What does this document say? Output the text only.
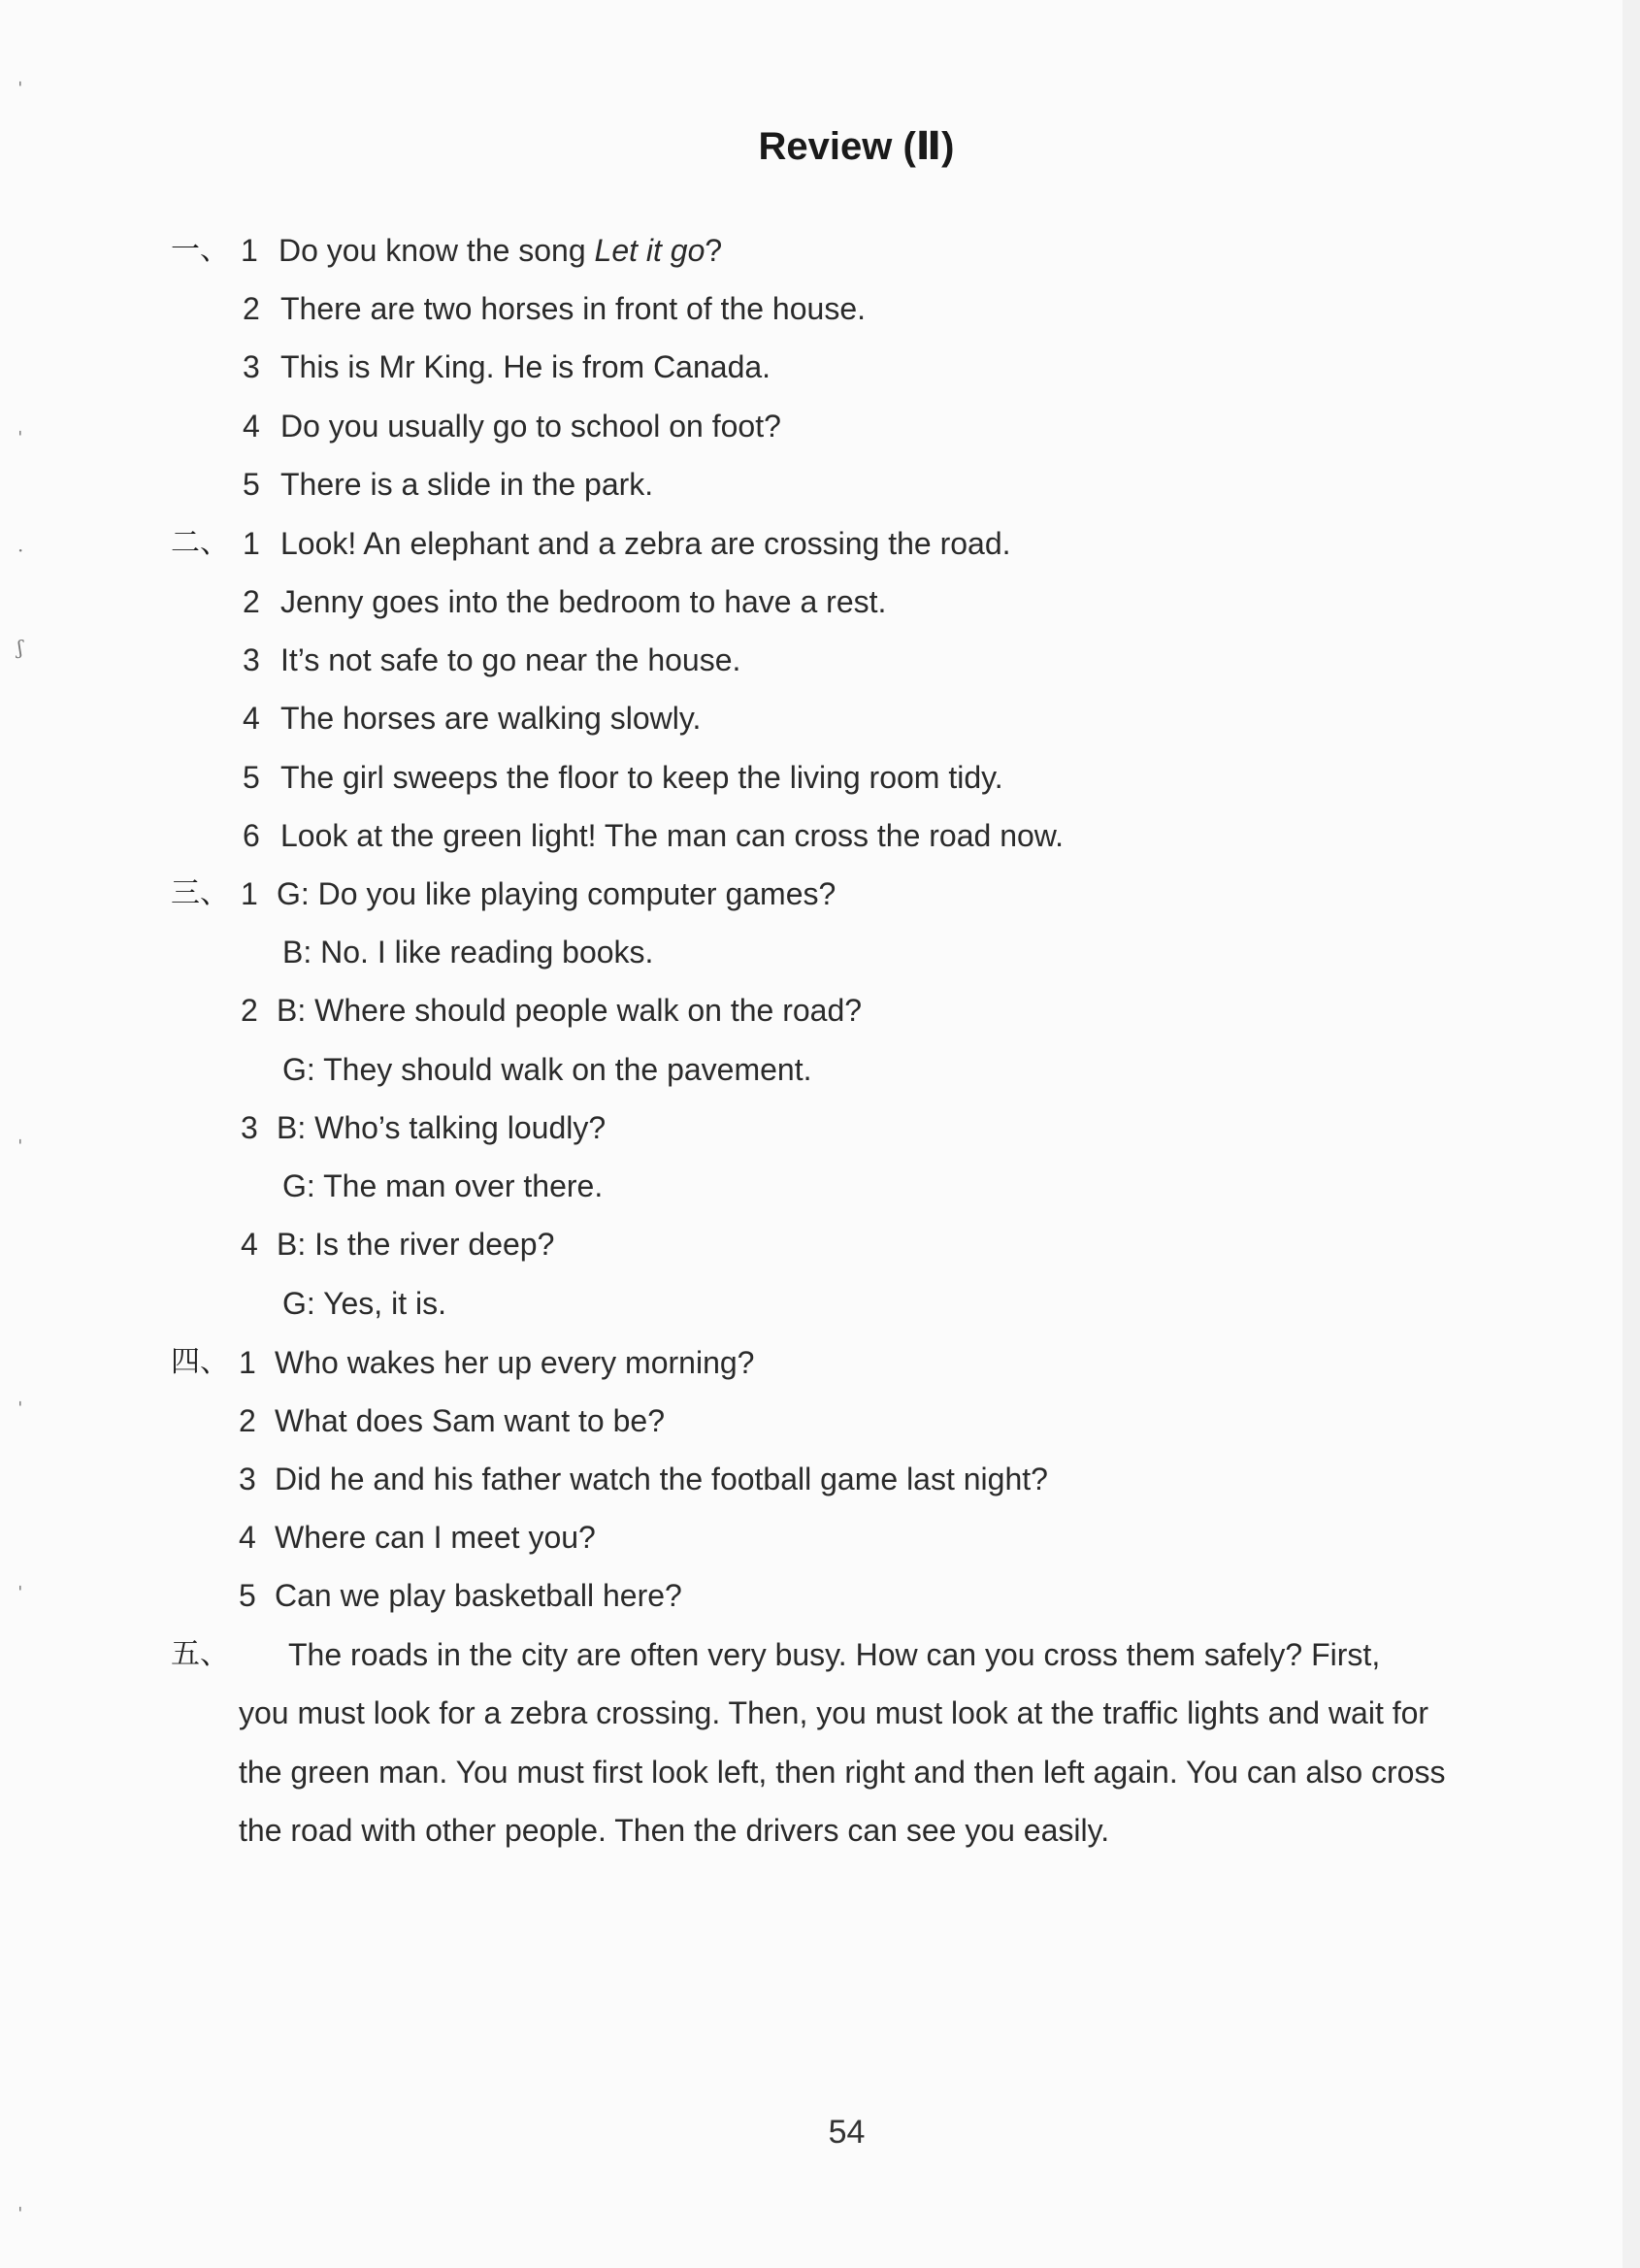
Review (Ⅱ)
一、 1 Do you know the song Let it go?
2 There are two horses in front of the house.
3 This is Mr King. He is from Canada.
4 Do you usually go to school on foot?
5 There is a slide in the park.
二、 1 Look! An elephant and a zebra are crossing the road.
2 Jenny goes into the bedroom to have a rest.
3 It’s not safe to go near the house.
4 The horses are walking slowly.
5 The girl sweeps the floor to keep the living room tidy.
6 Look at the green light! The man can cross the road now.
三、 1 G: Do you like playing computer games?
B: No. I like reading books.
2 B: Where should people walk on the road?
G: They should walk on the pavement.
3 B: Who’s talking loudly?
G: The man over there.
4 B: Is the river deep?
G: Yes, it is.
四、 1 Who wakes her up every morning?
2 What does Sam want to be?
3 Did he and his father watch the football game last night?
4 Where can I meet you?
5 Can we play basketball here?
五、	The roads in the city are often very busy. How can you cross them safely? First,
you must look for a zebra crossing. Then, you must look at the traffic lights and wait for
the green man. You must first look left, then right and then left again. You can also cross
the road with other people. Then the drivers can see you easily.
54
ˈ
ˈ
·
ʃ
ˈ
ˈ
ˈ
ˈ
